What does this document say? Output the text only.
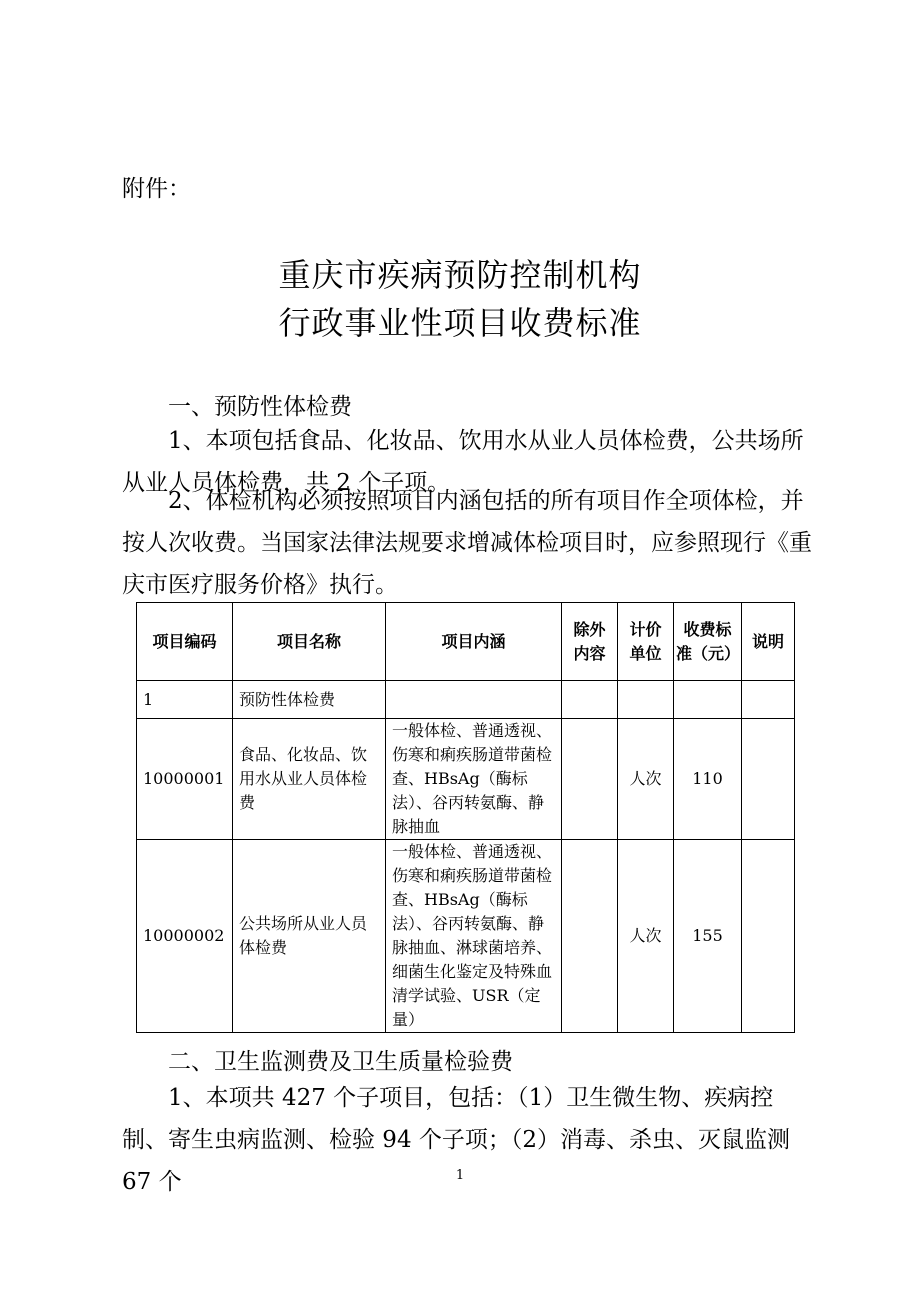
附件：
重庆市疾病预防控制机构
行政事业性项目收费标准
一、预防性体检费
1、本项包括食品、化妆品、饮用水从业人员体检费，公共场所从业人员体检费，共 2 个子项。
2、体检机构必须按照项目内涵包括的所有项目作全项体检，并按人次收费。当国家法律法规要求增减体检项目时，应参照现行《重庆市医疗服务价格》执行。
项目编码	项目名称	项目内涵	除外内容	计价单位	收费标准（元）	说明
1	预防性体检费					
10000001	食品、化妆品、饮用水从业人员体检费	一般体检、普通透视、伤寒和痢疾肠道带菌检查、HBsAg（酶标法）、谷丙转氨酶、静脉抽血		人次	110	
10000002	公共场所从业人员体检费	一般体检、普通透视、伤寒和痢疾肠道带菌检查、HBsAg（酶标法）、谷丙转氨酶、静脉抽血、淋球菌培养、细菌生化鉴定及特殊血清学试验、USR（定量）		人次	155	
二、卫生监测费及卫生质量检验费
1、本项共 427 个子项目，包括：（1）卫生微生物、疾病控制、寄生虫病监测、检验 94 个子项；（2）消毒、杀虫、灭鼠监测 67 个	1
